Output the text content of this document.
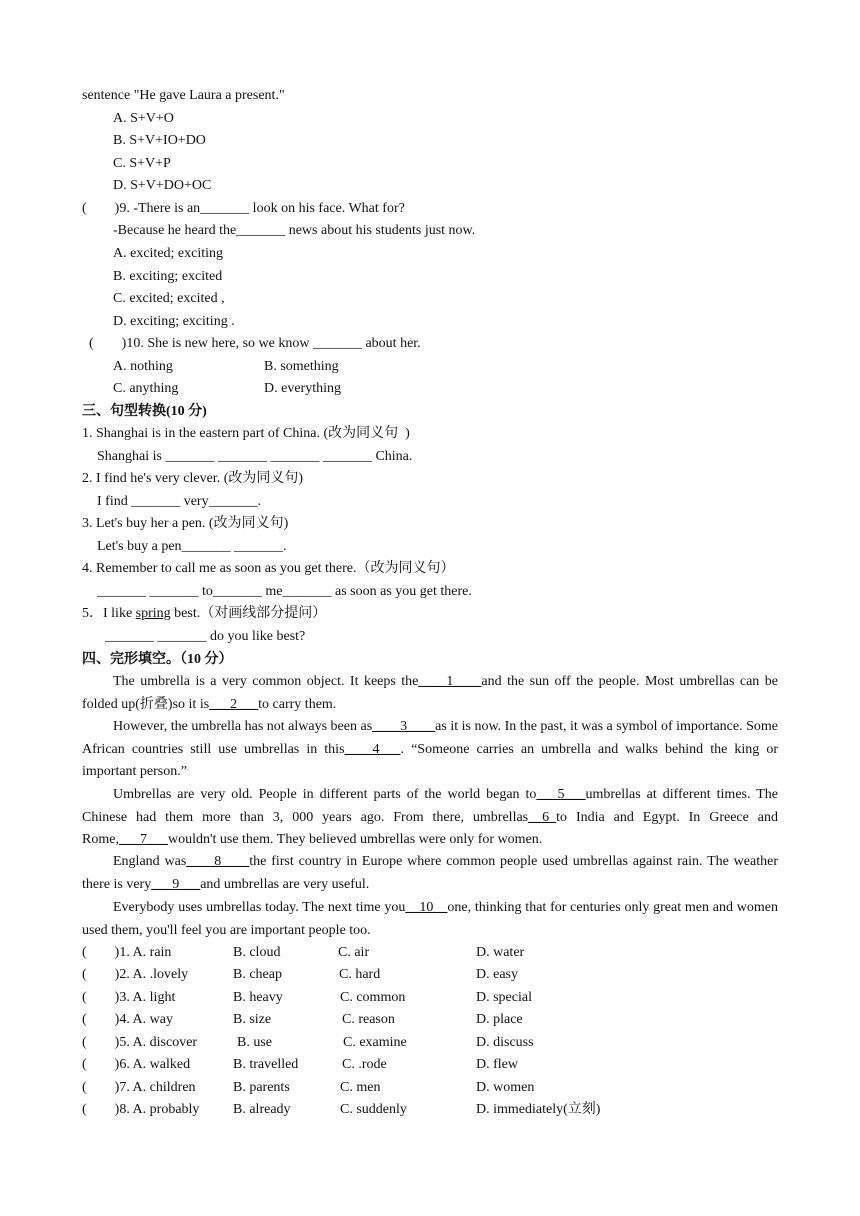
sentence "He gave Laura a present."
A. S+V+O
B. S+V+IO+DO
C. S+V+P
D. S+V+DO+OC
(        )9. -There is an_______ look on his face. What for?
-Because he heard the_______ news about his students just now.
A. excited; exciting
B. exciting; excited
C. excited; excited ,
D. exciting; exciting .
(        )10. She is new here, so we know _______ about her.
A. nothing	B. something
C. anything	D. everything
三、句型转换(10 分)
1. Shanghai is in the eastern part of China. (改为同义句  )
Shanghai is _______ _______ _______ _______ China.
2. I find he's very clever. (改为同义句)
I find _______ very_______.
3. Let's buy her a pen. (改为同义句)
Let's buy a pen_______ _______.
4. Remember to call me as soon as you get there.（改为同义句）
_______ _______ to_______ me_______ as soon as you get there.
5．I like spring best.（对画线部分提问）
_______ _______ do you like best?
四、完形填空。（10 分）
The umbrella is a very common object. It keeps the____1____and the sun off the people. Most umbrellas can be folded up(折叠)so it is___2___to carry them.
However, the umbrella has not always been as____3____as it is now. In the past, it was a symbol of importance. Some African countries still use umbrellas in this____4___. “Someone carries an umbrella and walks behind the king or important person.”
Umbrellas are very old. People in different parts of the world began to___5___umbrellas at different times. The Chinese had them more than 3, 000 years ago. From there, umbrellas__6_to India and Egypt. In Greece and Rome,___7___wouldn't use them. They believed umbrellas were only for women.
England was____8____the first country in Europe where common people used umbrellas against rain. The weather there is very___9___and umbrellas are very useful.
Everybody uses umbrellas today. The next time you__10__one, thinking that for centuries only great men and women used them, you'll feel you are important people too.
(        )1. A. rain	B. cloud	C. air	D. water
(        )2. A. .lovely	B. cheap	C. hard	D. easy
(        )3. A. light	B. heavy	C. common	D. special
(        )4. A. way	B. size	C. reason	D. place
(        )5. A. discover	B. use	C. examine	D. discuss
(        )6. A. walked	B. travelled	C. .rode	D. flew
(        )7. A. children	B. parents	C. men	D. women
(        )8. A. probably B. already	C. suddenly	D. immediately(立刻)
